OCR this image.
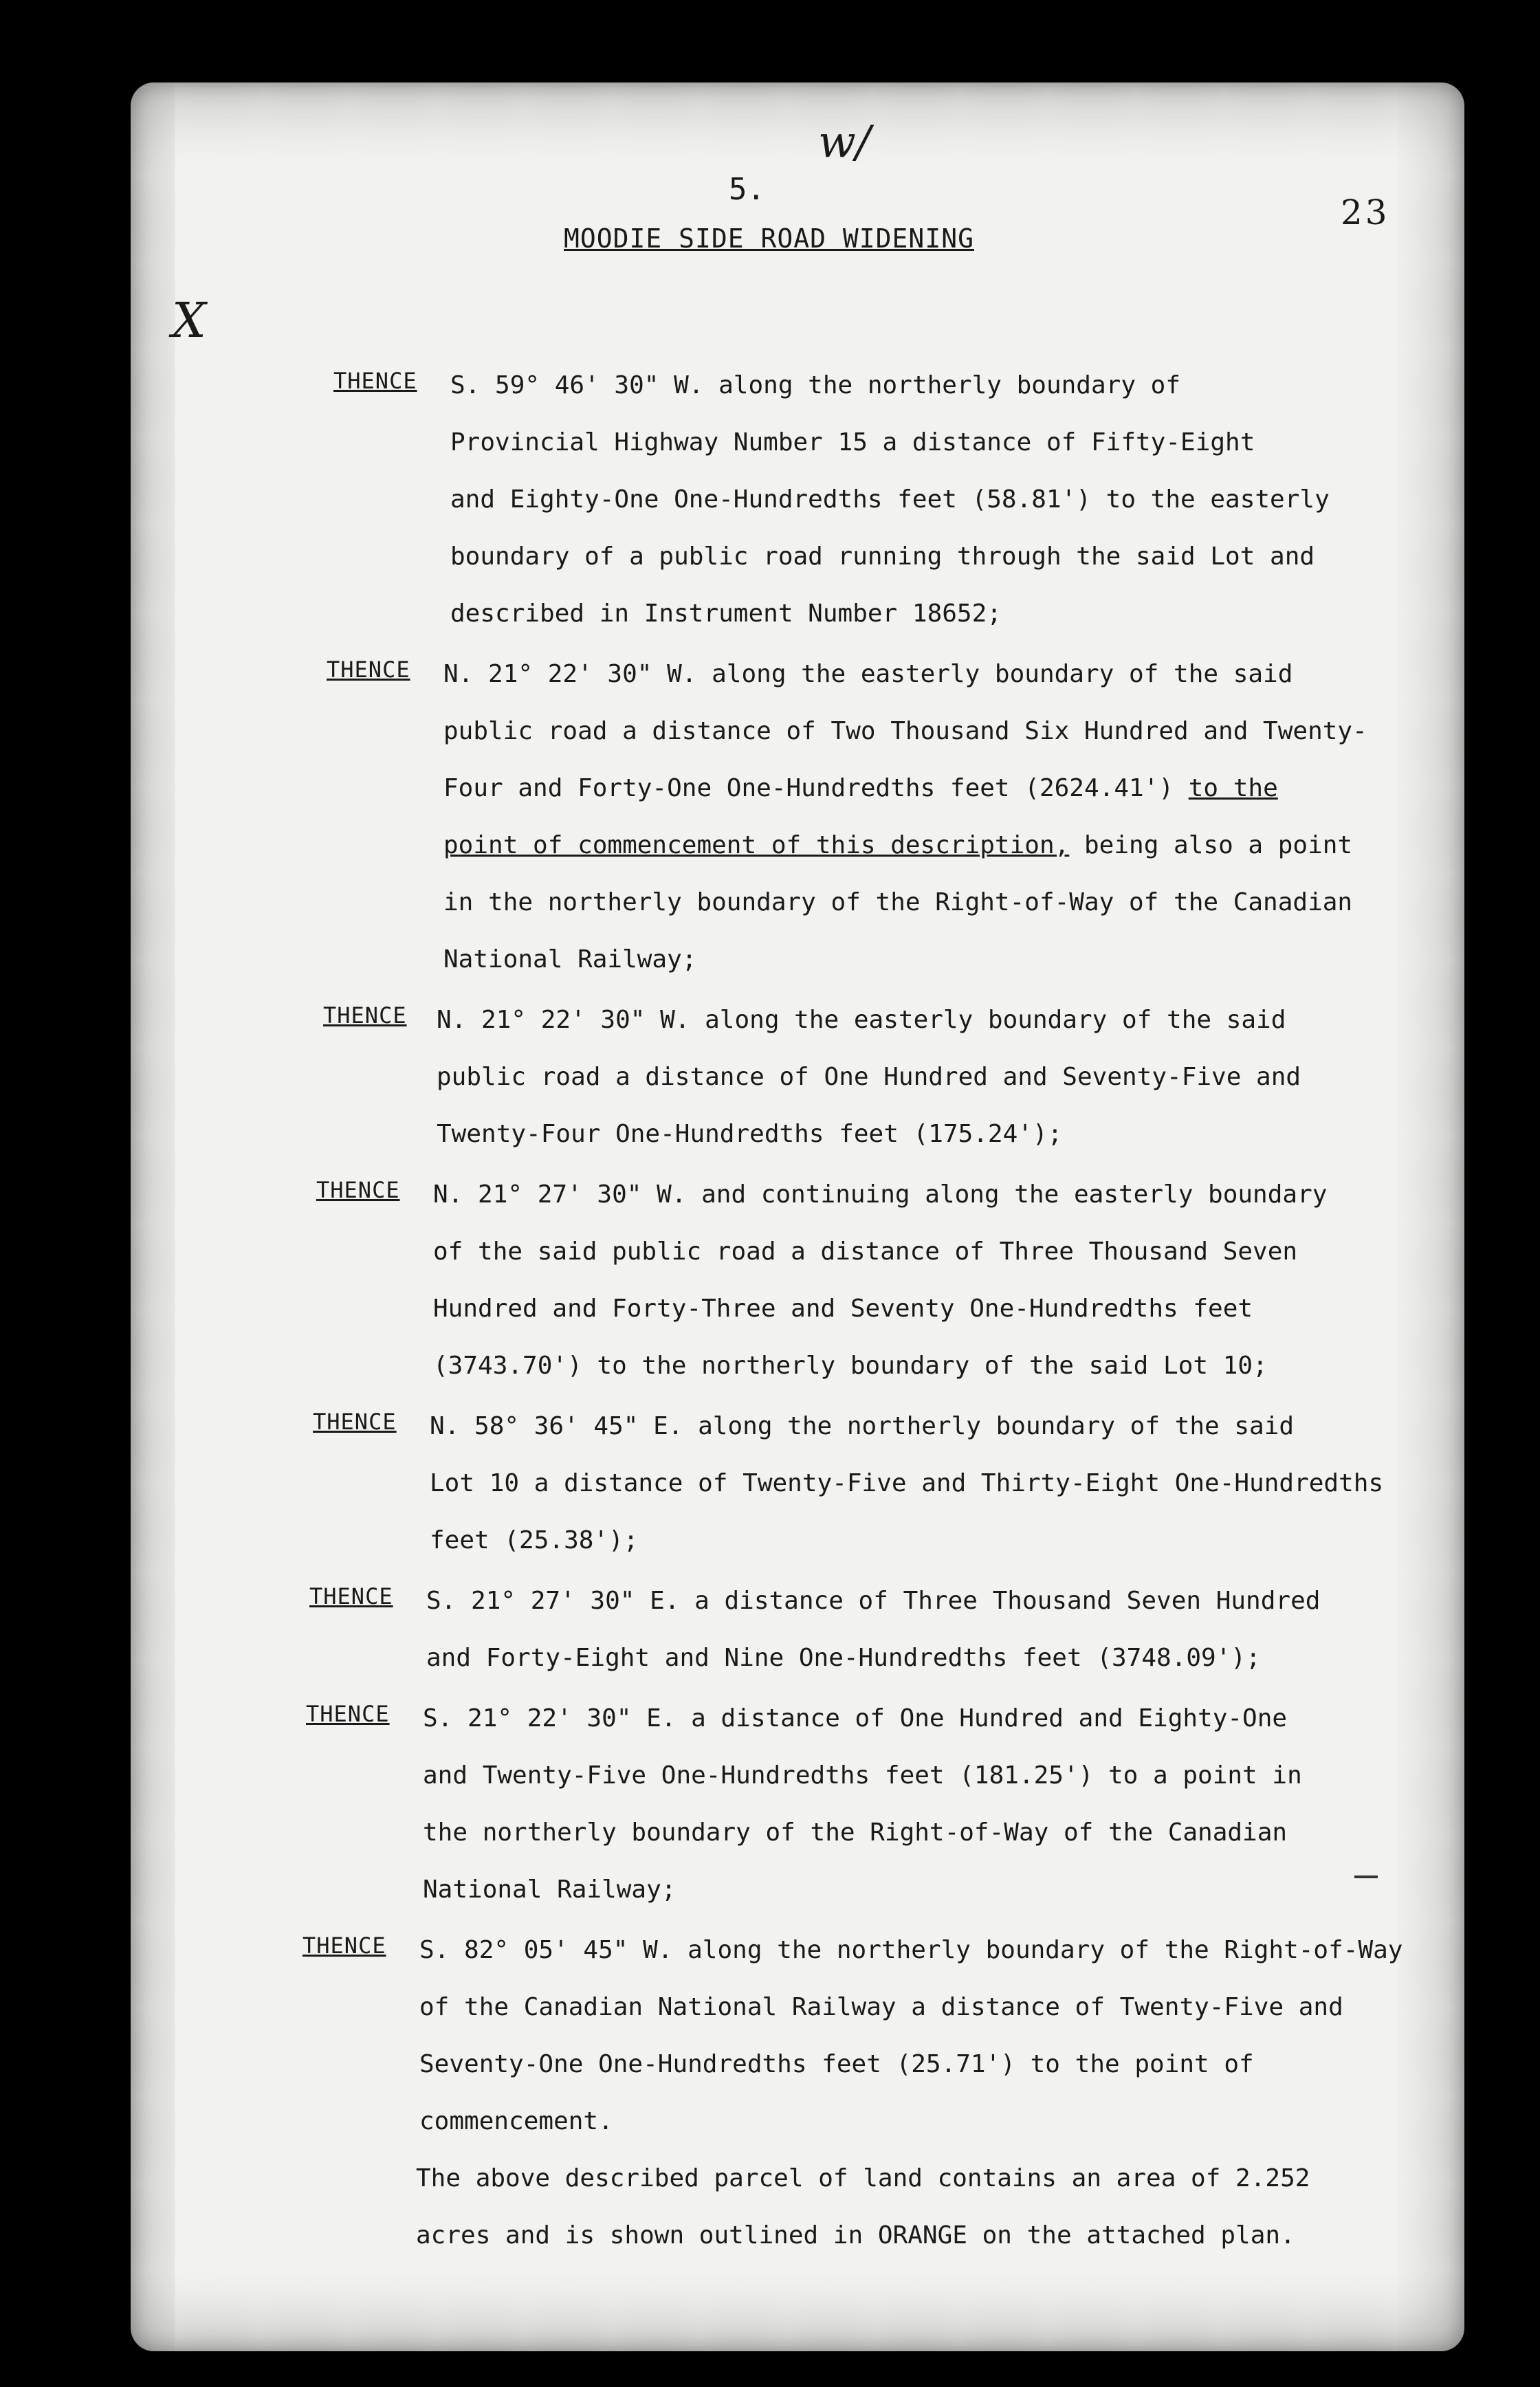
w/
5.
23
MOODIE SIDE ROAD WIDENING
X
THENCE S. 59° 46' 30" W. along the northerly boundary of
Provincial Highway Number 15 a distance of Fifty-Eight
and Eighty-One One-Hundredths feet (58.81') to the easterly
boundary of a public road running through the said Lot and
described in Instrument Number 18652;
THENCE N. 21° 22' 30" W. along the easterly boundary of the said
public road a distance of Two Thousand Six Hundred and Twenty-
Four and Forty-One One-Hundredths feet (2624.41') to the
point of commencement of this description, being also a point
in the northerly boundary of the Right-of-Way of the Canadian
National Railway;
THENCE N. 21° 22' 30" W. along the easterly boundary of the said
public road a distance of One Hundred and Seventy-Five and
Twenty-Four One-Hundredths feet (175.24');
THENCE N. 21° 27' 30" W. and continuing along the easterly boundary
of the said public road a distance of Three Thousand Seven
Hundred and Forty-Three and Seventy One-Hundredths feet
(3743.70') to the northerly boundary of the said Lot 10;
THENCE N. 58° 36' 45" E. along the northerly boundary of the said
Lot 10 a distance of Twenty-Five and Thirty-Eight One-Hundredths
feet (25.38');
THENCE S. 21° 27' 30" E. a distance of Three Thousand Seven Hundred
and Forty-Eight and Nine One-Hundredths feet (3748.09');
THENCE S. 21° 22' 30" E. a distance of One Hundred and Eighty-One
and Twenty-Five One-Hundredths feet (181.25') to a point in
the northerly boundary of the Right-of-Way of the Canadian
National Railway;
THENCE S. 82° 05' 45" W. along the northerly boundary of the Right-of-Way
of the Canadian National Railway a distance of Twenty-Five and
Seventy-One One-Hundredths feet (25.71') to the point of
commencement.
The above described parcel of land contains an area of 2.252
acres and is shown outlined in ORANGE on the attached plan.
